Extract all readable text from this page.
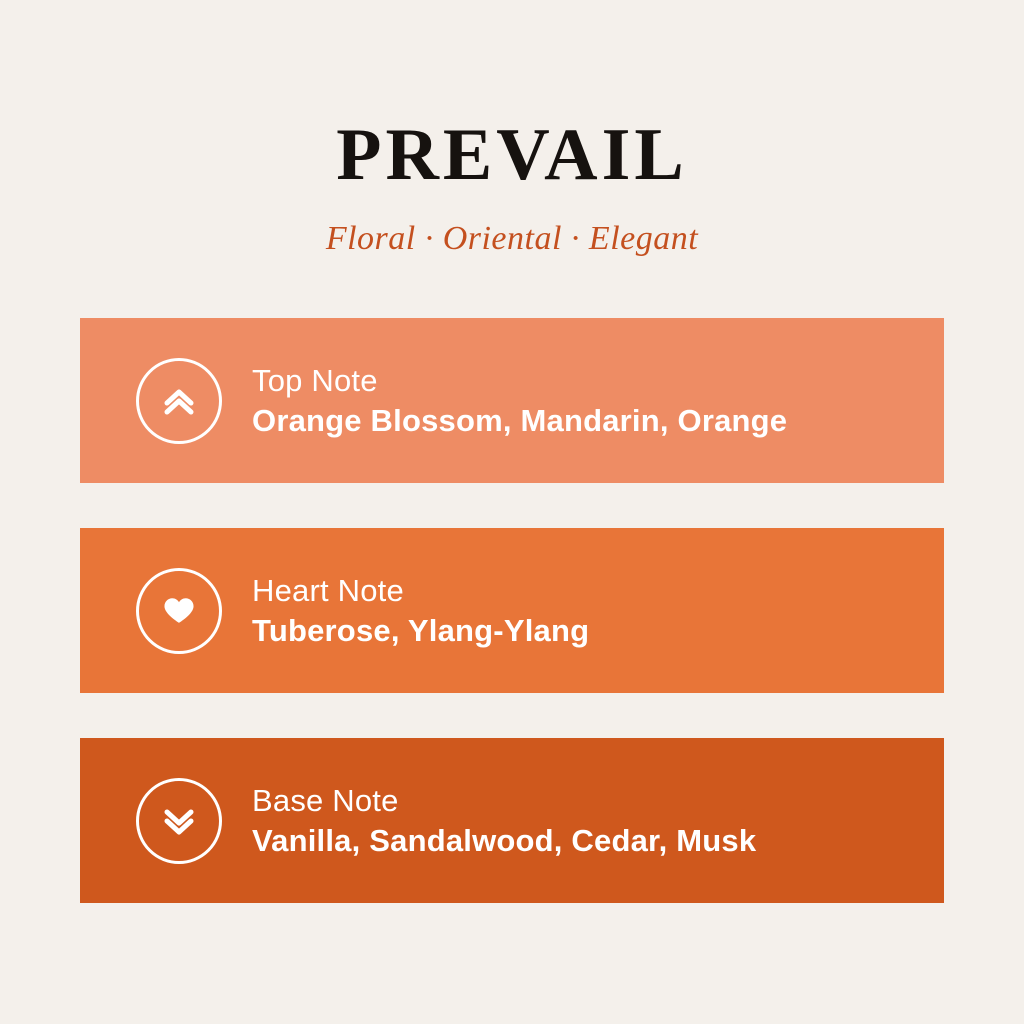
PREVAIL
Floral · Oriental · Elegant
Top Note
Orange Blossom, Mandarin, Orange
Heart Note
Tuberose, Ylang-Ylang
Base Note
Vanilla, Sandalwood, Cedar, Musk
